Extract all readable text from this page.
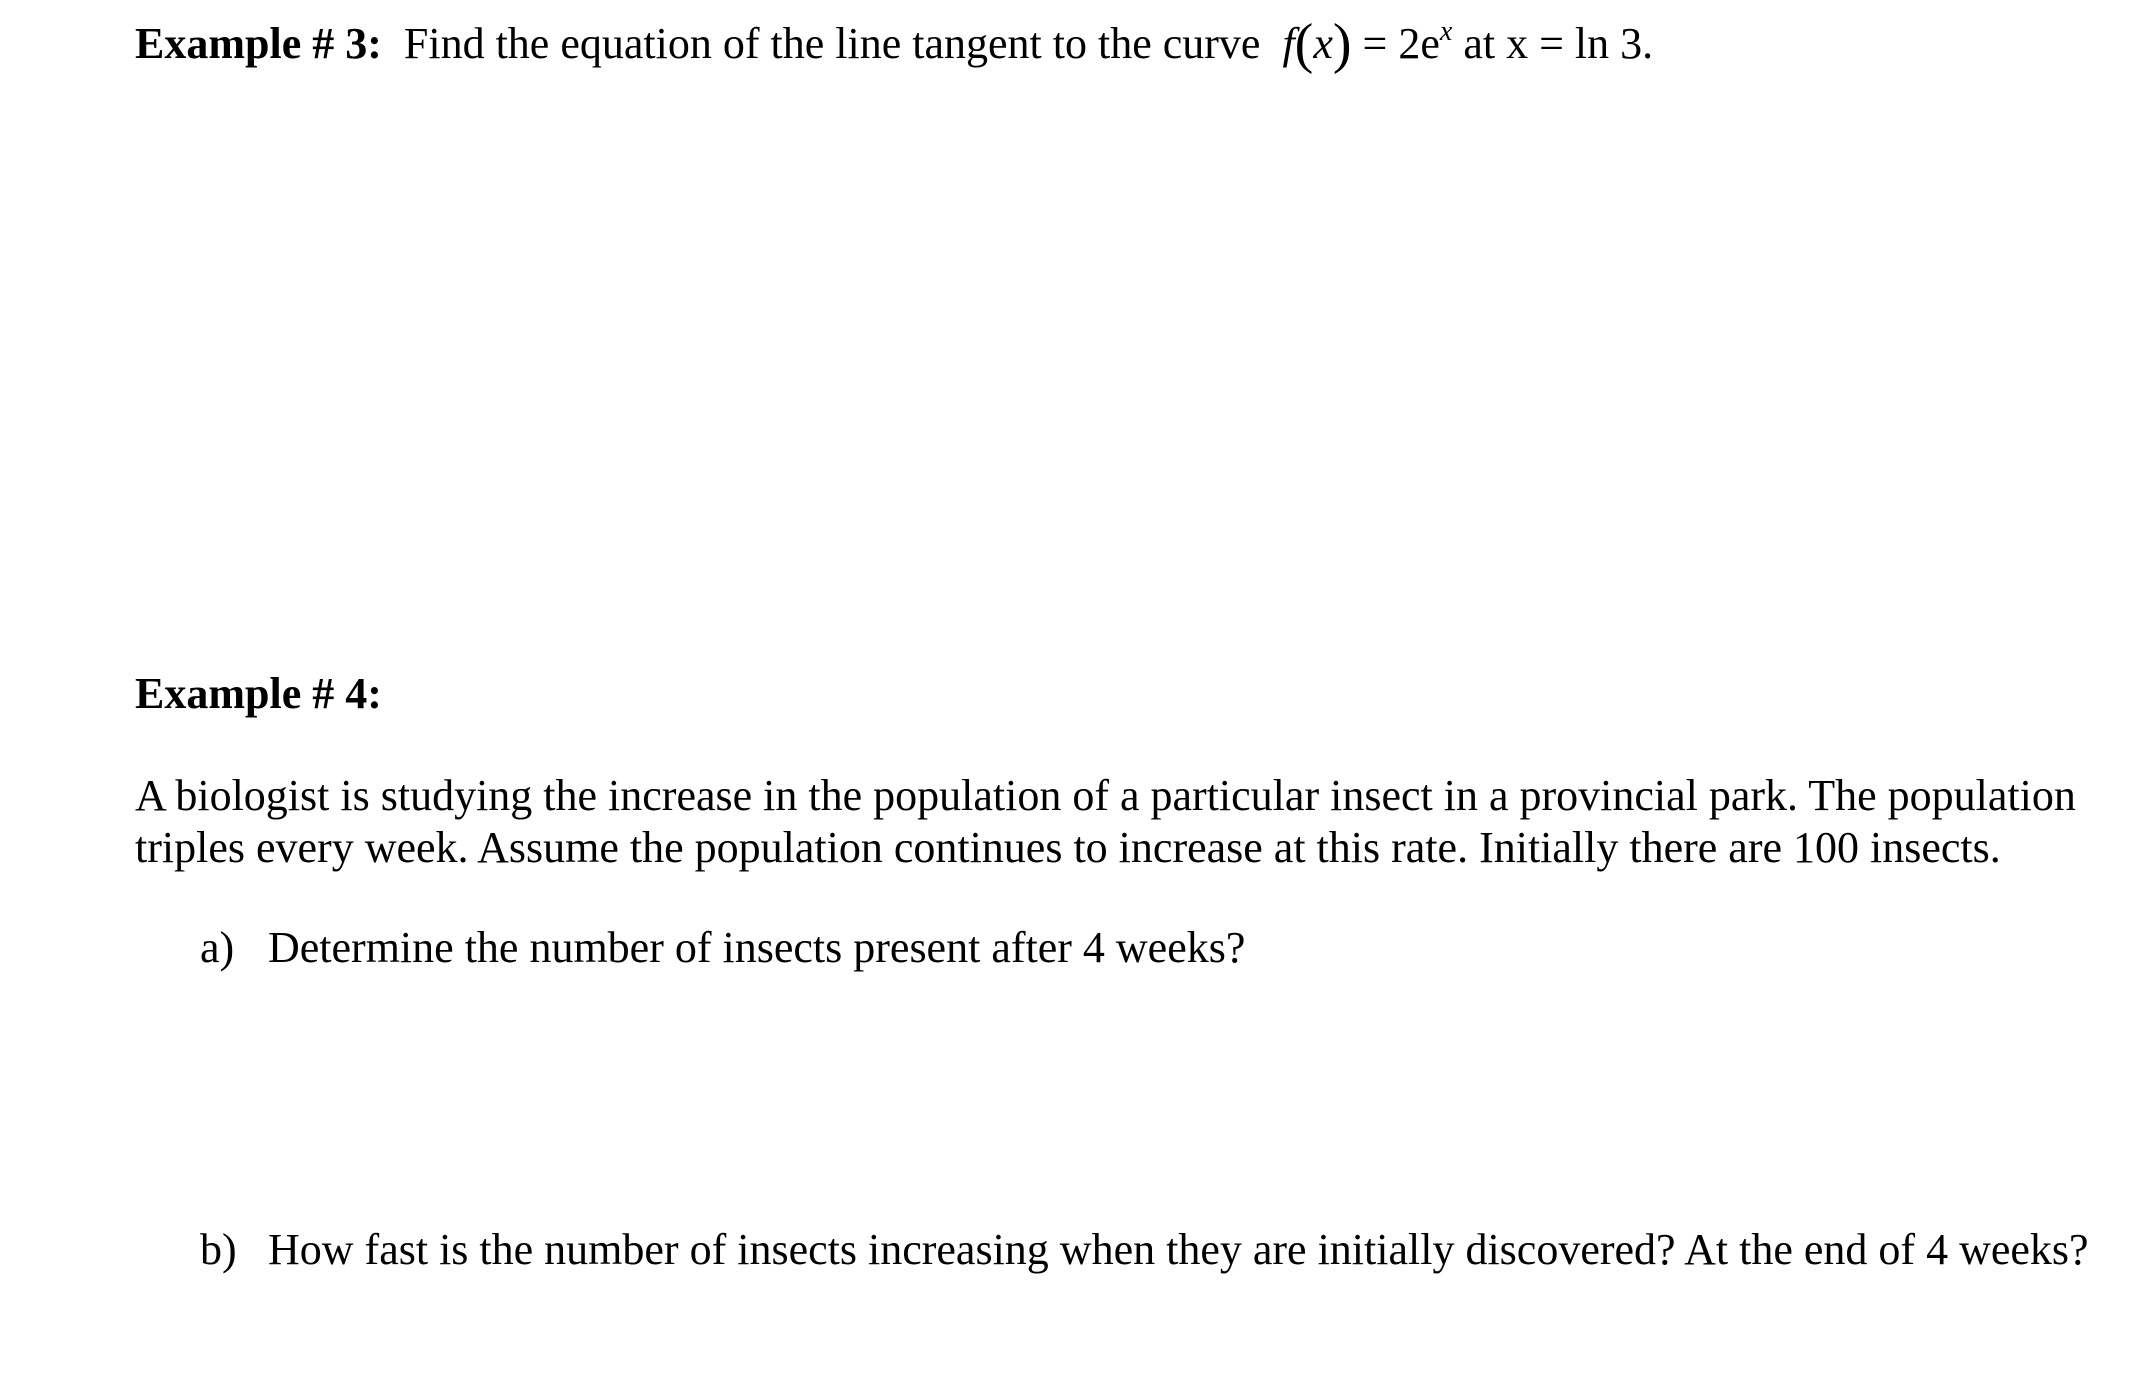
Example # 3: Find the equation of the line tangent to the curve $f(x) = 2e^x$ at x = ln 3.
Example # 4:
A biologist is studying the increase in the population of a particular insect in a provincial park. The population
triples every week. Assume the population continues to increase at this rate. Initially there are 100 insects.
a) Determine the number of insects present after 4 weeks?
b) How fast is the number of insects increasing when they are initially discovered? At the end of 4 weeks?
